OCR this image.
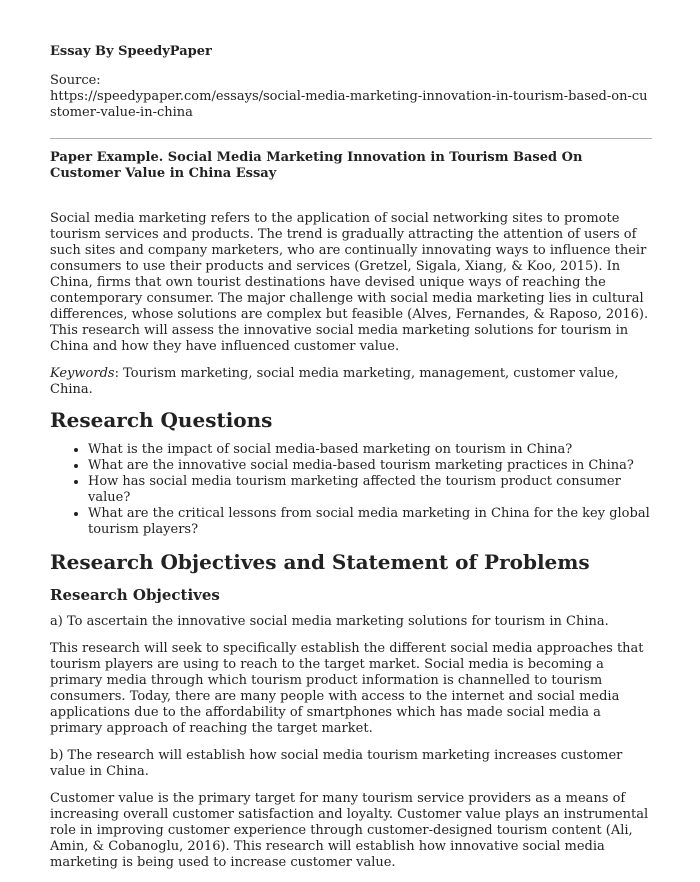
Essay By SpeedyPaper

Source:

https://speedypaper.com/essays/social-media-marketing-innovation-in-tourism-based-on-customer-value-in-china

Paper Example. Social Media Marketing Innovation in Tourism Based On Customer Value in China Essay

Social media marketing refers to the application of social networking sites to promote tourism services and products. The trend is gradually attracting the attention of users of such sites and company marketers, who are continually innovating ways to influence their consumers to use their products and services (Gretzel, Sigala, Xiang, & Koo, 2015). In China, firms that own tourist destinations have devised unique ways of reaching the contemporary consumer. The major challenge with social media marketing lies in cultural differences, whose solutions are complex but feasible (Alves, Fernandes, & Raposo, 2016). This research will assess the innovative social media marketing solutions for tourism in China and how they have influenced customer value.

Keywords: Tourism marketing, social media marketing, management, customer value, China.

Research Questions
• What is the impact of social media-based marketing on tourism in China?
• What are the innovative social media-based tourism marketing practices in China?
• How has social media tourism marketing affected the tourism product consumer value?
• What are the critical lessons from social media marketing in China for the key global tourism players?
Research Objectives and Statement of Problems
Research Objectives

a) To ascertain the innovative social media marketing solutions for tourism in China.

This research will seek to specifically establish the different social media approaches that tourism players are using to reach to the target market. Social media is becoming a primary media through which tourism product information is channelled to tourism consumers. Today, there are many people with access to the internet and social media applications due to the affordability of smartphones which has made social media a primary approach of reaching the target market.

b) The research will establish how social media tourism marketing increases customer value in China.

Customer value is the primary target for many tourism service providers as a means of increasing overall customer satisfaction and loyalty. Customer value plays an instrumental role in improving customer experience through customer-designed tourism content (Ali, Amin, & Cobanoglu, 2016). This research will establish how innovative social media marketing is being used to increase customer value.
